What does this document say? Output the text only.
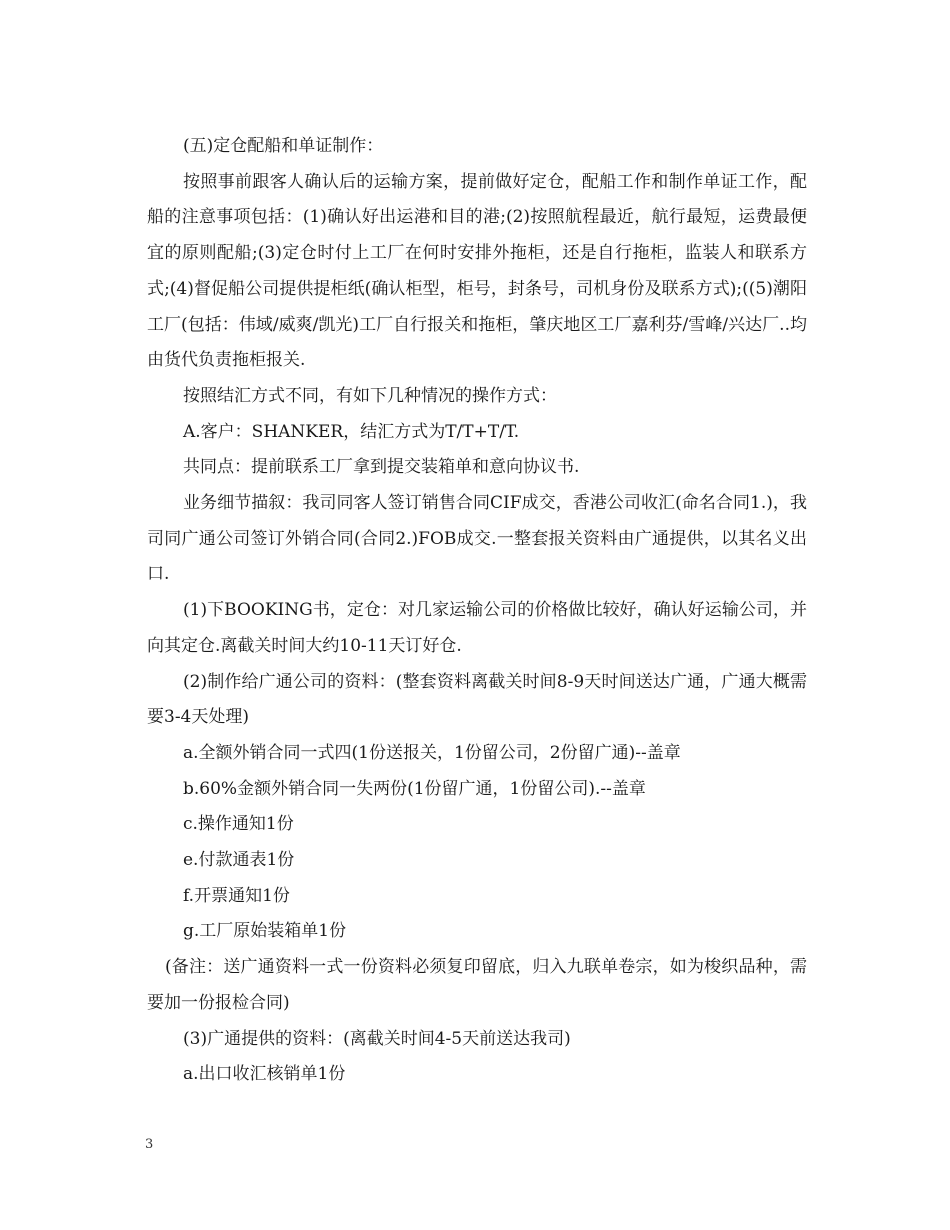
(五)定仓配船和单证制作：

按照事前跟客人确认后的运输方案，提前做好定仓，配船工作和制作单证工作，配船的注意事项包括：(1)确认好出运港和目的港;(2)按照航程最近，航行最短，运费最便宜的原则配船;(3)定仓时付上工厂在何时安排外拖柜，还是自行拖柜，监装人和联系方式;(4)督促船公司提供提柜纸(确认柜型，柜号，封条号，司机身份及联系方式);((5)潮阳工厂(包括：伟域/威爽/凯光)工厂自行报关和拖柜，肇庆地区工厂嘉利芬/雪峰/兴达厂..均由货代负责拖柜报关.

按照结汇方式不同，有如下几种情况的操作方式：

A.客户：SHANKER，结汇方式为T/T+T/T.

共同点：提前联系工厂拿到提交装箱单和意向协议书.

业务细节描叙：我司同客人签订销售合同CIF成交，香港公司收汇(命名合同1.)，我司同广通公司签订外销合同(合同2.)FOB成交.一整套报关资料由广通提供，以其名义出口.

(1)下BOOKING书，定仓：对几家运输公司的价格做比较好，确认好运输公司，并向其定仓.离截关时间大约10-11天订好仓.

(2)制作给广通公司的资料：(整套资料离截关时间8-9天时间送达广通，广通大概需要3-4天处理)

a.全额外销合同一式四(1份送报关，1份留公司，2份留广通)--盖章

b.60%金额外销合同一失两份(1份留广通，1份留公司).--盖章

c.操作通知1份

e.付款通表1份

f.开票通知1份

g.工厂原始装箱单1份

(备注：送广通资料一式一份资料必须复印留底，归入九联单卷宗，如为梭织品种，需要加一份报检合同)

(3)广通提供的资料：(离截关时间4-5天前送达我司)

a.出口收汇核销单1份

3
